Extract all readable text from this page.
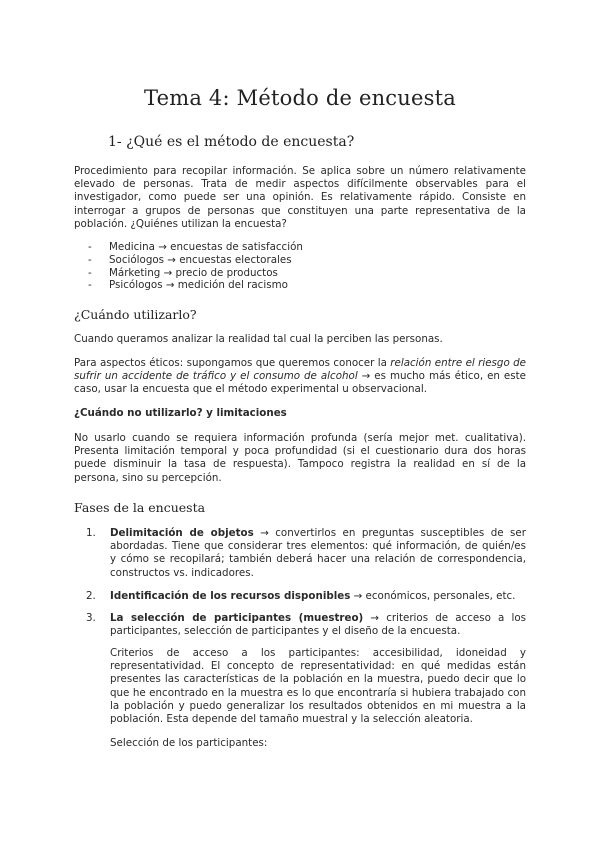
Tema 4: Método de encuesta
1- ¿Qué es el método de encuesta?

Procedimiento para recopilar información. Se aplica sobre un número relativamente elevado de personas. Trata de medir aspectos difícilmente observables para el investigador, como puede ser una opinión. Es relativamente rápido. Consiste en interrogar a grupos de personas que constituyen una parte representativa de la población. ¿Quiénes utilizan la encuesta?

- Medicina → encuestas de satisfacción
- Sociólogos → encuestas electorales
- Márketing → precio de productos
- Psicólogos → medición del racismo
¿Cuándo utilizarlo?

Cuando queramos analizar la realidad tal cual la perciben las personas.

Para aspectos éticos: supongamos que queremos conocer la relación entre el riesgo de sufrir un accidente de tráfico y el consumo de alcohol → es mucho más ético, en este caso, usar la encuesta que el método experimental u observacional.

¿Cuándo no utilizarlo? y limitaciones

No usarlo cuando se requiera información profunda (sería mejor met. cualitativa). Presenta limitación temporal y poca profundidad (si el cuestionario dura dos horas puede disminuir la tasa de respuesta). Tampoco registra la realidad en sí de la persona, sino su percepción.

Fases de la encuesta
1. Delimitación de objetos → convertirlos en preguntas susceptibles de ser abordadas. Tiene que considerar tres elementos: qué información, de quién/es y cómo se recopilará; también deberá hacer una relación de correspondencia, constructos vs. indicadores.
2. Identificación de los recursos disponibles → económicos, personales, etc.
3. La selección de participantes (muestreo) → criterios de acceso a los participantes, selección de participantes y el diseño de la encuesta.

Criterios de acceso a los participantes: accesibilidad, idoneidad y representatividad. El concepto de representatividad: en qué medidas están presentes las características de la población en la muestra, puedo decir que lo que he encontrado en la muestra es lo que encontraría si hubiera trabajado con la población y puedo generalizar los resultados obtenidos en mi muestra a la población. Esta depende del tamaño muestral y la selección aleatoria.

Selección de los participantes:
